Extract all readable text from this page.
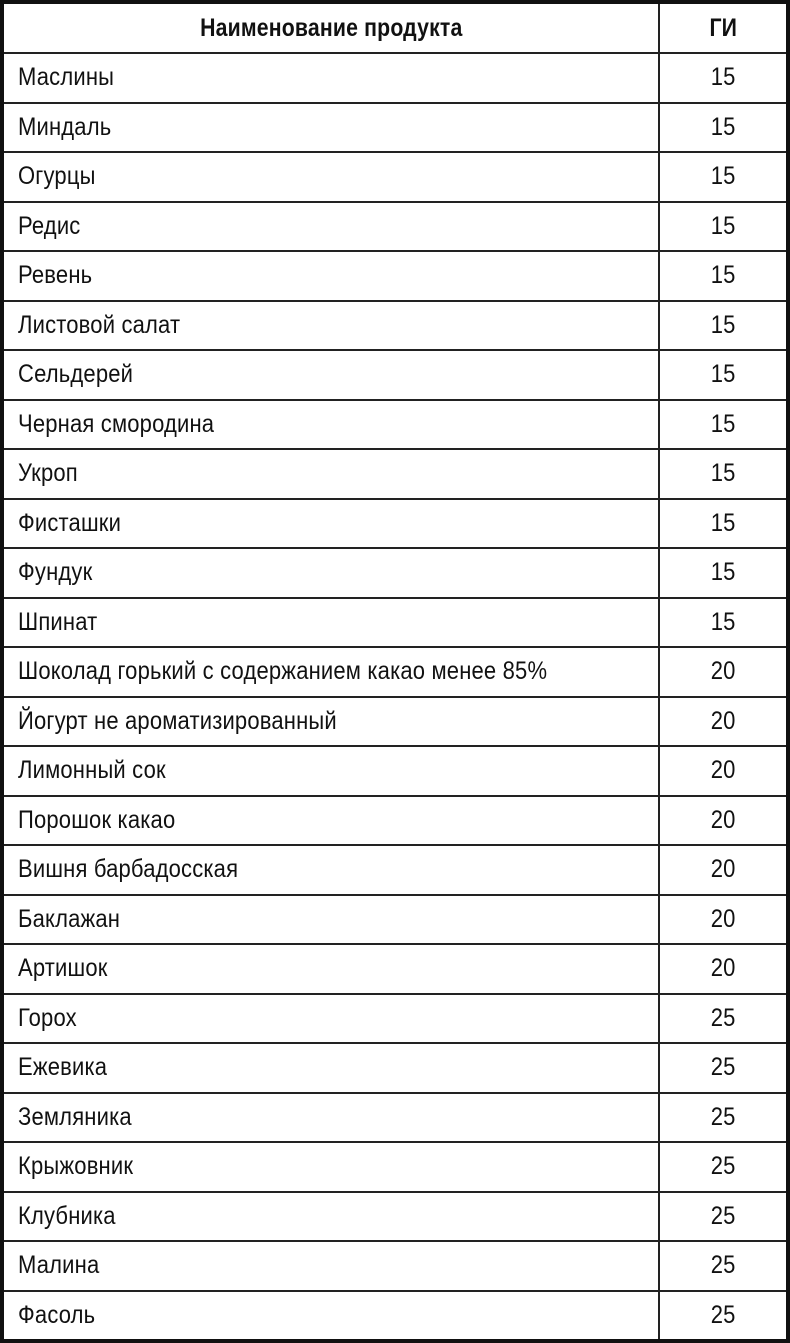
Наименование продукта	ГИ
Маслины	15
Миндаль	15
Огурцы	15
Редис	15
Ревень	15
Листовой салат	15
Сельдерей	15
Черная смородина	15
Укроп	15
Фисташки	15
Фундук	15
Шпинат	15
Шоколад горький с содержанием какао менее 85%	20
Йогурт не ароматизированный	20
Лимонный сок	20
Порошок какао	20
Вишня барбадосская	20
Баклажан	20
Артишок	20
Горох	25
Ежевика	25
Земляника	25
Крыжовник	25
Клубника	25
Малина	25
Фасоль	25
